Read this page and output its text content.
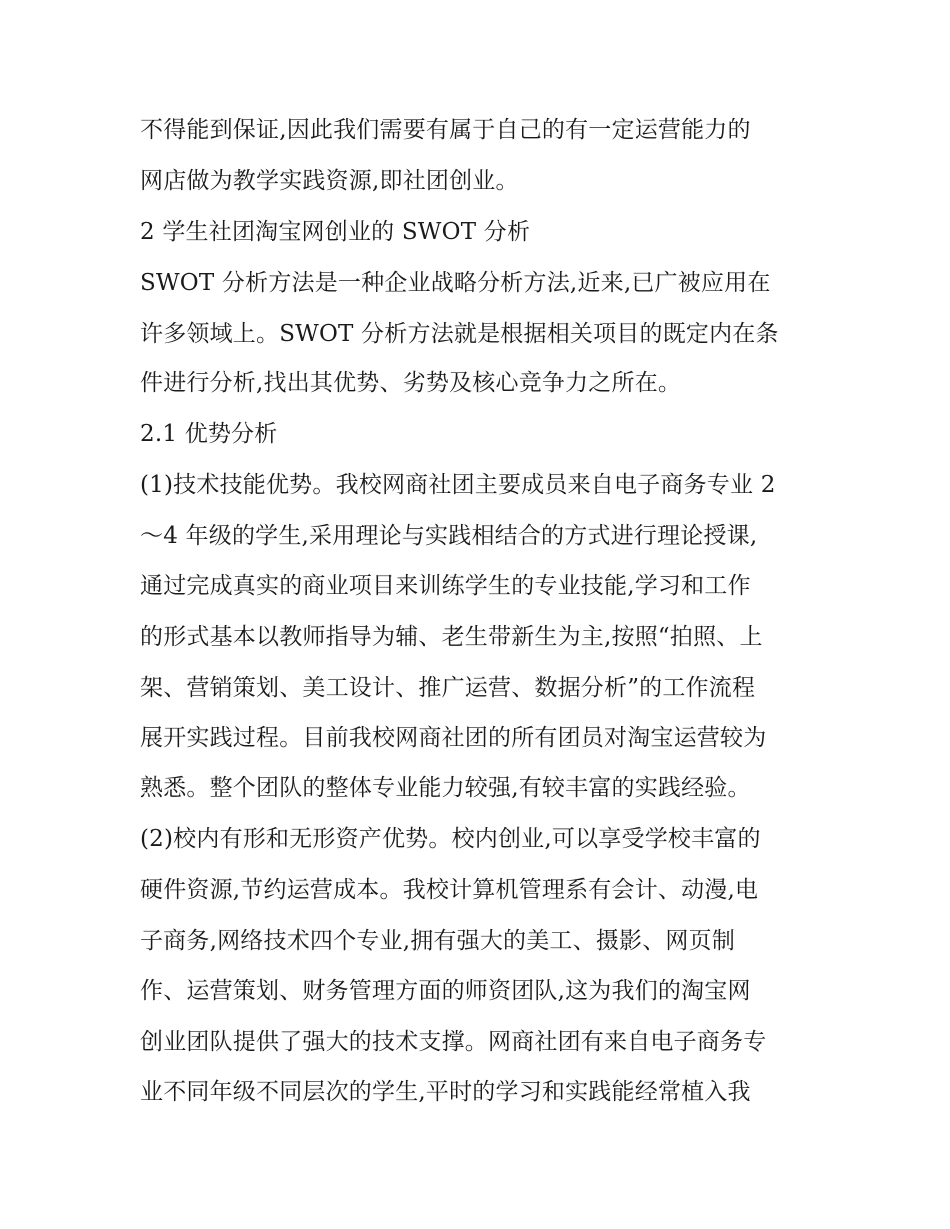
不得能到保证,因此我们需要有属于自己的有一定运营能力的
网店做为教学实践资源,即社团创业。
2 学生社团淘宝网创业的 SWOT 分析
SWOT 分析方法是一种企业战略分析方法,近来,已广被应用在
许多领域上。SWOT 分析方法就是根据相关项目的既定内在条
件进行分析,找出其优势、劣势及核心竞争力之所在。
2.1 优势分析
(1)技术技能优势。我校网商社团主要成员来自电子商务专业 2
～4 年级的学生,采用理论与实践相结合的方式进行理论授课,
通过完成真实的商业项目来训练学生的专业技能,学习和工作
的形式基本以教师指导为辅、老生带新生为主,按照“拍照、上
架、营销策划、美工设计、推广运营、数据分析”的工作流程
展开实践过程。目前我校网商社团的所有团员对淘宝运营较为
熟悉。整个团队的整体专业能力较强,有较丰富的实践经验。
(2)校内有形和无形资产优势。校内创业,可以享受学校丰富的
硬件资源,节约运营成本。我校计算机管理系有会计、动漫,电
子商务,网络技术四个专业,拥有强大的美工、摄影、网页制
作、运营策划、财务管理方面的师资团队,这为我们的淘宝网
创业团队提供了强大的技术支撑。网商社团有来自电子商务专
业不同年级不同层次的学生,平时的学习和实践能经常植入我
